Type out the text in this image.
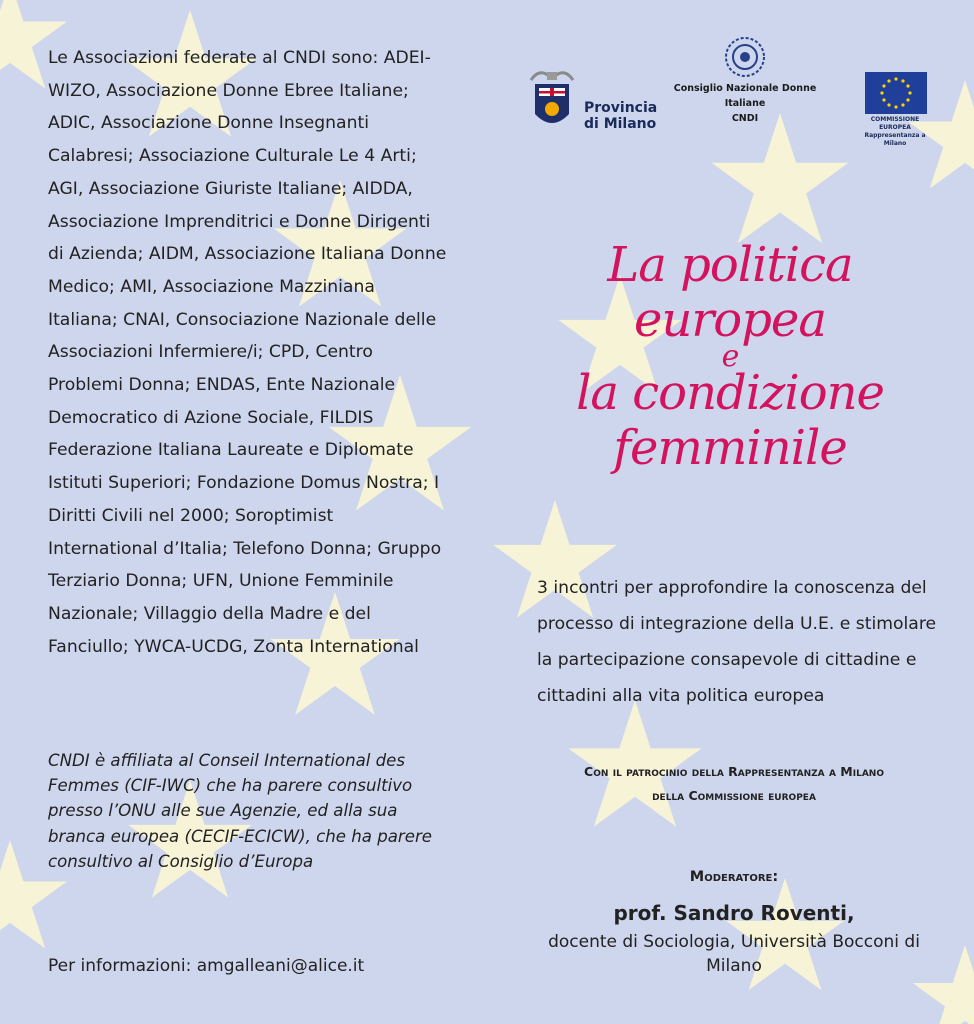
Le Associazioni federate al CNDI sono: ADEI-WIZO, Associazione Donne Ebree Italiane; ADIC, Associazione Donne Insegnanti Calabresi; Associazione Culturale Le 4 Arti; AGI, Associazione Giuriste Italiane; AIDDA, Associazione Imprenditrici e Donne Dirigenti di Azienda; AIDM, Associazione Italiana Donne Medico; AMI, Associazione Mazziniana Italiana; CNAI, Consociazione Nazionale delle Associazioni Infermiere/i; CPD, Centro Problemi Donna; ENDAS, Ente Nazionale Democratico di Azione Sociale, FILDIS Federazione Italiana Laureate e Diplomate Istituti Superiori; Fondazione Domus Nostra; I Diritti Civili nel 2000; Soroptimist International d’Italia; Telefono Donna; Gruppo Terziario Donna; UFN, Unione Femminile Nazionale; Villaggio della Madre e del Fanciullo; YWCA-UCDG, Zonta International

CNDI è affiliata al Conseil International des Femmes (CIF-IWC) che ha parere consultivo presso l’ONU alle sue Agenzie, ed alla sua branca europea (CECIF-ECICW), che ha parere consultivo al Consiglio d’Europa

Per informazioni: amgalleani@alice.it
Provincia
di Milano
Consiglio Nazionale Donne Italiane
CNDI	COMMISSIONE EUROPEA
Rappresentanza a Milano
La politica europea
e
la condizione
femminile

3 incontri per approfondire la conoscenza del processo di integrazione della U.E. e stimolare la partecipazione consapevole di cittadine e cittadini alla vita politica europea

Con il patrocinio della Rappresentanza a Milano
della Commissione europea
Moderatore:
prof. Sandro Roventi,

docente di Sociologia, Università Bocconi di Milano
